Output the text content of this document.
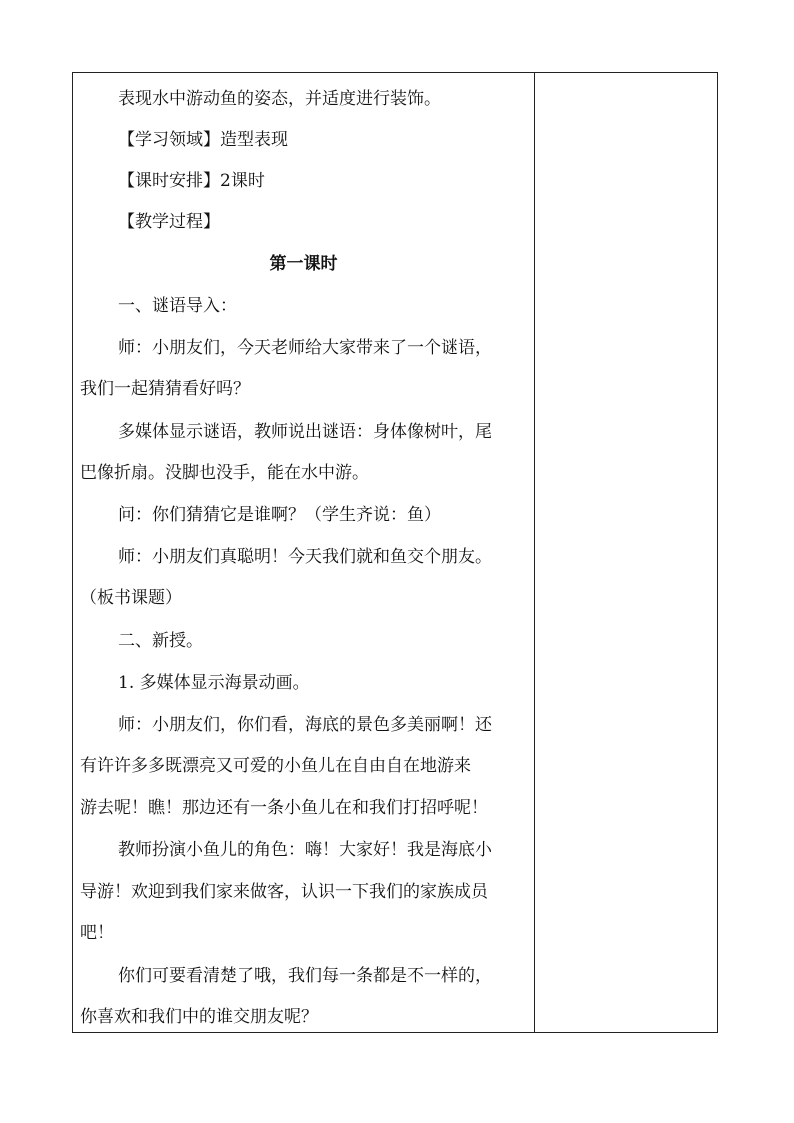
表现水中游动鱼的姿态，并适度进行装饰。
【学习领域】造型表现
【课时安排】2课时
【教学过程】
第一课时
一、谜语导入：
师：小朋友们，今天老师给大家带来了一个谜语，
我们一起猜猜看好吗？
多媒体显示谜语，教师说出谜语：身体像树叶，尾
巴像折扇。没脚也没手，能在水中游。
问：你们猜猜它是谁啊？（学生齐说：鱼）
师：小朋友们真聪明！今天我们就和鱼交个朋友。
（板书课题）
二、新授。
1. 多媒体显示海景动画。
师：小朋友们，你们看，海底的景色多美丽啊！还
有许许多多既漂亮又可爱的小鱼儿在自由自在地游来
游去呢！瞧！那边还有一条小鱼儿在和我们打招呼呢！
教师扮演小鱼儿的角色：嗨！大家好！我是海底小
导游！欢迎到我们家来做客，认识一下我们的家族成员
吧！
你们可要看清楚了哦，我们每一条都是不一样的，
你喜欢和我们中的谁交朋友呢？
